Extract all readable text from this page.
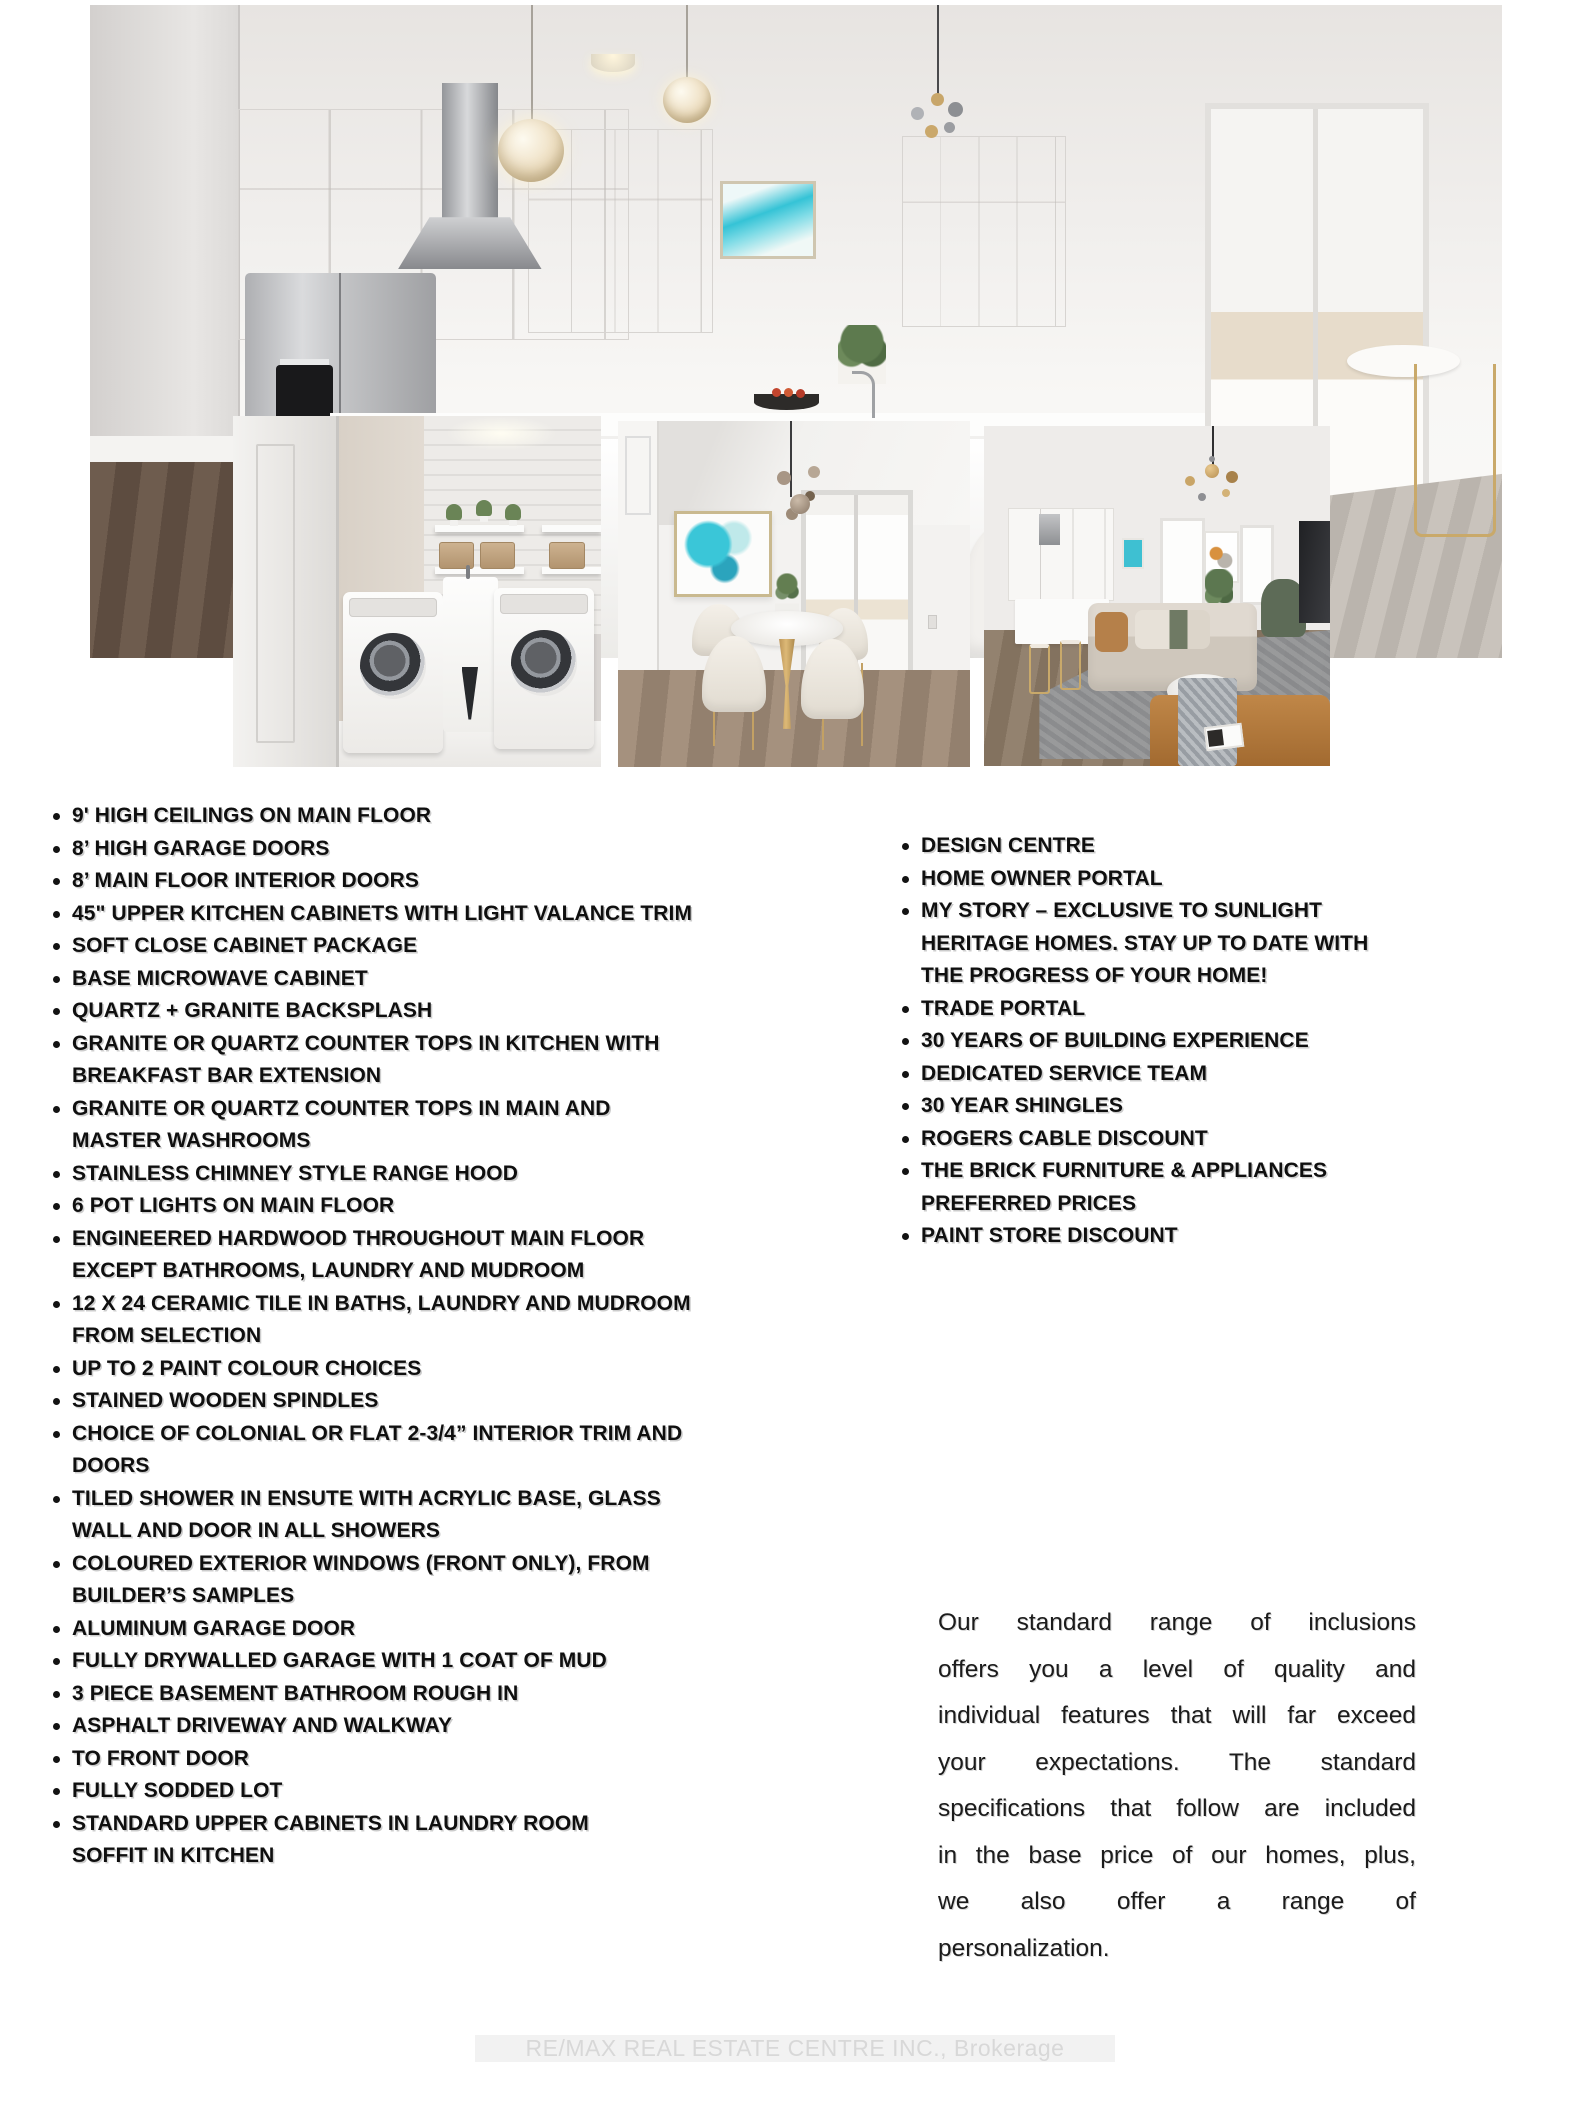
9' HIGH CEILINGS ON MAIN FLOOR
8’ HIGH GARAGE DOORS
8’ MAIN FLOOR INTERIOR DOORS
45" UPPER KITCHEN CABINETS WITH LIGHT VALANCE TRIM
SOFT CLOSE CABINET PACKAGE
BASE MICROWAVE CABINET
QUARTZ + GRANITE BACKSPLASH
GRANITE OR QUARTZ COUNTER TOPS IN KITCHEN WITH
BREAKFAST BAR EXTENSION
GRANITE OR QUARTZ COUNTER TOPS IN MAIN AND
MASTER WASHROOMS
STAINLESS CHIMNEY STYLE RANGE HOOD
6 POT LIGHTS ON MAIN FLOOR
ENGINEERED HARDWOOD THROUGHOUT MAIN FLOOR
EXCEPT BATHROOMS, LAUNDRY AND MUDROOM
12 X 24 CERAMIC TILE IN BATHS, LAUNDRY AND MUDROOM
FROM SELECTION
UP TO 2 PAINT COLOUR CHOICES
STAINED WOODEN SPINDLES
CHOICE OF COLONIAL OR FLAT 2-3/4” INTERIOR TRIM AND
DOORS
TILED SHOWER IN ENSUTE WITH ACRYLIC BASE, GLASS
WALL AND DOOR IN ALL SHOWERS
COLOURED EXTERIOR WINDOWS (FRONT ONLY), FROM
BUILDER’S SAMPLES
ALUMINUM GARAGE DOOR
FULLY DRYWALLED GARAGE WITH 1 COAT OF MUD
3 PIECE BASEMENT BATHROOM ROUGH IN
ASPHALT DRIVEWAY AND WALKWAY
TO FRONT DOOR
FULLY SODDED LOT
STANDARD UPPER CABINETS IN LAUNDRY ROOM
SOFFIT IN KITCHEN
DESIGN CENTRE
HOME OWNER PORTAL
MY STORY – EXCLUSIVE TO SUNLIGHT
HERITAGE HOMES. STAY UP TO DATE WITH
THE PROGRESS OF YOUR HOME!
TRADE PORTAL
30 YEARS OF BUILDING EXPERIENCE
DEDICATED SERVICE TEAM
30 YEAR SHINGLES
ROGERS CABLE DISCOUNT
THE BRICK FURNITURE & APPLIANCES
PREFERRED PRICES
PAINT STORE DISCOUNT
Our standard range of inclusions
offers you a level of quality and
individual features that will far exceed
your expectations. The standard
specifications that follow are included
in the base price of our homes, plus,
we also offer a range of
personalization.
RE/MAX REAL ESTATE CENTRE INC., Brokerage
